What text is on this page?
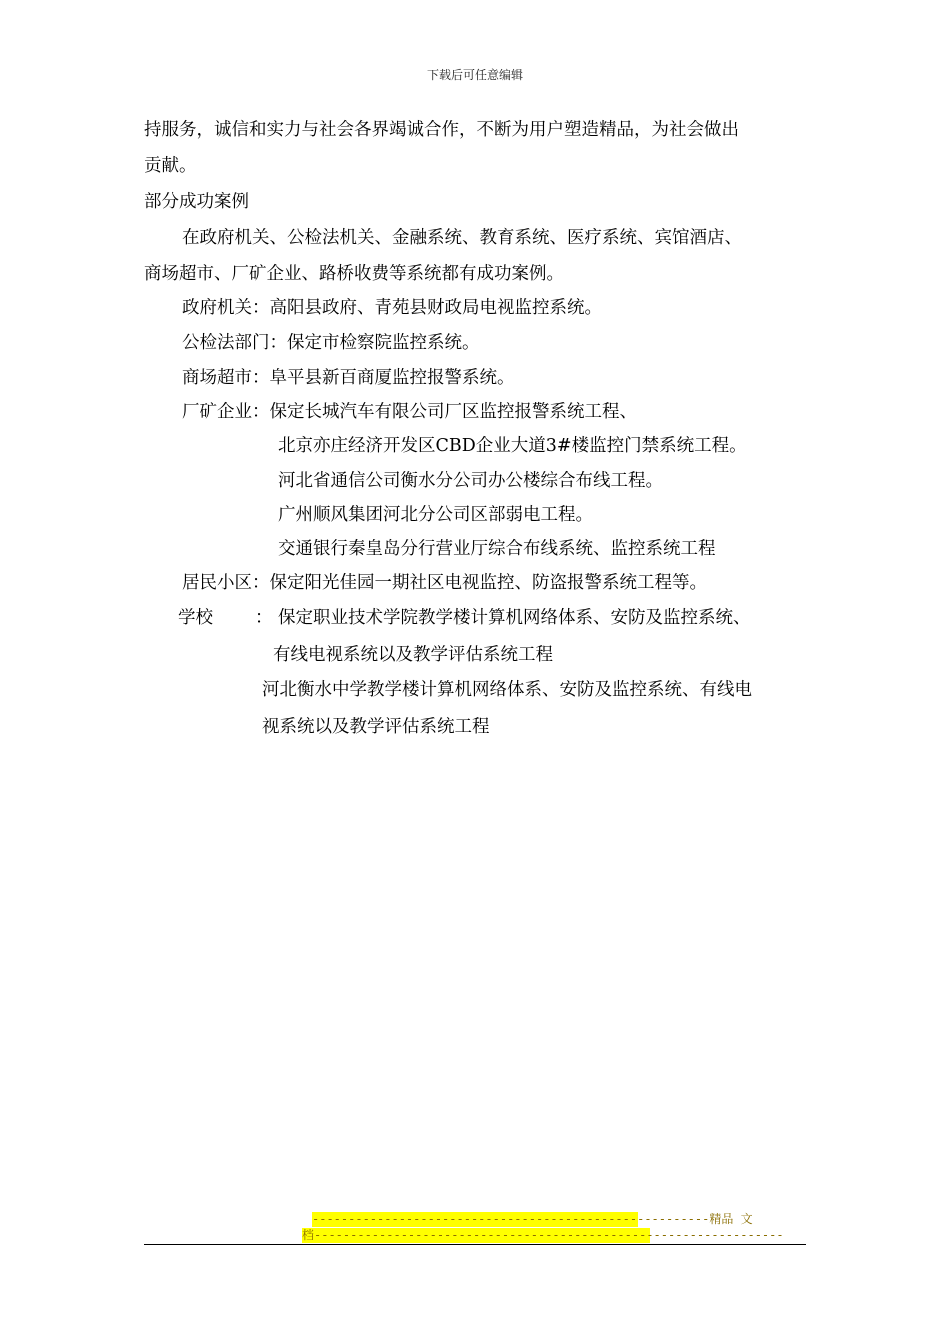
下载后可任意编辑
持服务，诚信和实力与社会各界竭诚合作，不断为用户塑造精品，为社会做出
贡献。
部分成功案例
在政府机关、公检法机关、金融系统、教育系统、医疗系统、宾馆酒店、
商场超市、厂矿企业、路桥收费等系统都有成功案例。
政府机关：高阳县政府、青苑县财政局电视监控系统。
公检法部门：保定市检察院监控系统。
商场超市：阜平县新百商厦监控报警系统。
厂矿企业：保定长城汽车有限公司厂区监控报警系统工程、
北京亦庄经济开发区CBD企业大道3#楼监控门禁系统工程。
河北省通信公司衡水分公司办公楼综合布线工程。
广州顺风集团河北分公司区部弱电工程。
交通银行秦皇岛分行营业厅综合布线系统、监控系统工程
居民小区：保定阳光佳园一期社区电视监控、防盗报警系统工程等。
学校 ： 保定职业技术学院教学楼计算机网络体系、安防及监控系统、
有线电视系统以及教学评估系统工程
河北衡水中学教学楼计算机网络体系、安防及监控系统、有线电
视系统以及教学评估系统工程
-------------------------------------------------------精品 文
档-----------------------------------------------------------------
